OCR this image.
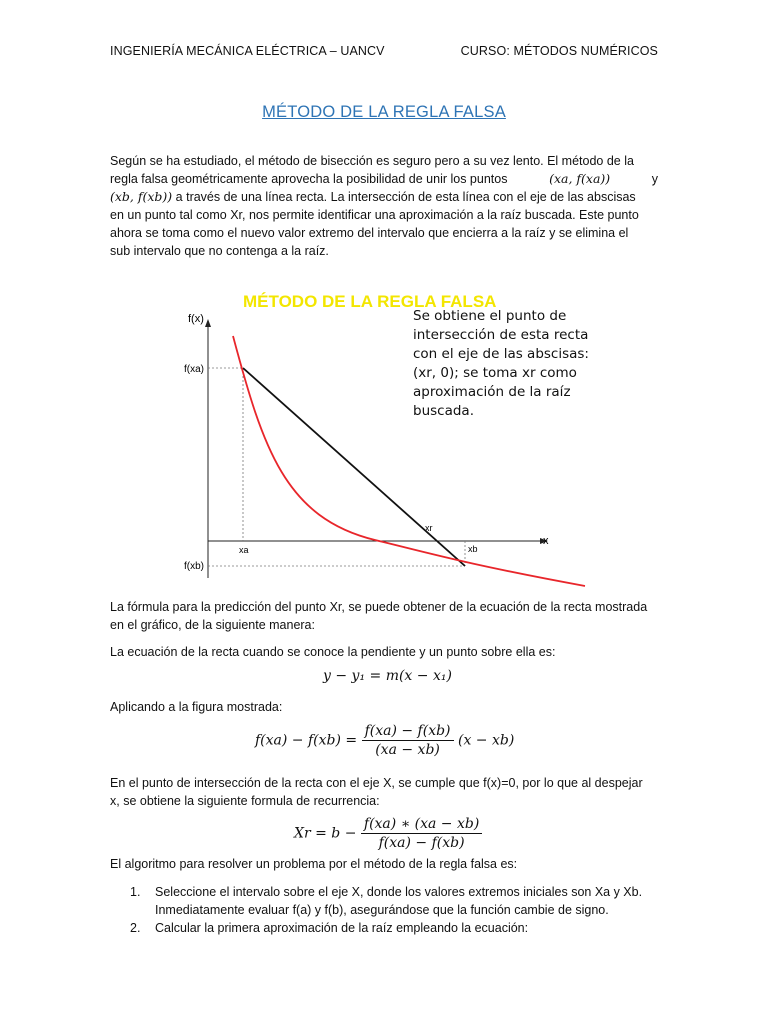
INGENIERÍA MECÁNICA ELÉCTRICA – UANCV	CURSO: MÉTODOS NUMÉRICOS
MÉTODO DE LA REGLA FALSA
Según se ha estudiado, el método de bisección es seguro pero a su vez lento. El método de la
regla falsa geométricamente aprovecha la posibilidad de unir los puntos	(xa, f(xa))	y
(xb, f(xb)) a través de una línea recta. La intersección de esta línea con el eje de las abscisas
en un punto tal como Xr, nos permite identificar una aproximación a la raíz buscada. Este punto
ahora se toma como el nuevo valor extremo del intervalo que encierra a la raíz y se elimina el
sub intervalo que no contenga a la raíz.
MÉTODO DE LA REGLA FALSA
Se obtiene el punto de
intersección de esta recta
con el eje de las abscisas:
(xr, 0); se toma xr como
aproximación de la raíz
buscada.
f(x)
x
f(xa)
f(xb)
xa	xb
xr
La fórmula para la predicción del punto Xr, se puede obtener de la ecuación de la recta mostrada
en el gráfico, de la siguiente manera:
La ecuación de la recta cuando se conoce la pendiente y un punto sobre ella es:
y − y₁ = m(x − x₁)
Aplicando a la figura mostrada:
$f(xa) - f(xb) = \frac{f(xa) - f(xb)}{(xa - xb)} (x - xb)$
En el punto de intersección de la recta con el eje X, se cumple que f(x)=0, por lo que al despejar
x, se obtiene la siguiente formula de recurrencia:
$Xr = b - \frac{f(xa) ∗ (xa - xb)}{f(xa) - f(xb)}$
El algoritmo para resolver un problema por el método de la regla falsa es:
1. Seleccione el intervalo sobre el eje X, donde los valores extremos iniciales son Xa y Xb.
Inmediatamente evaluar f(a) y f(b), asegurándose que la función cambie de signo.
2. Calcular la primera aproximación de la raíz empleando la ecuación:
